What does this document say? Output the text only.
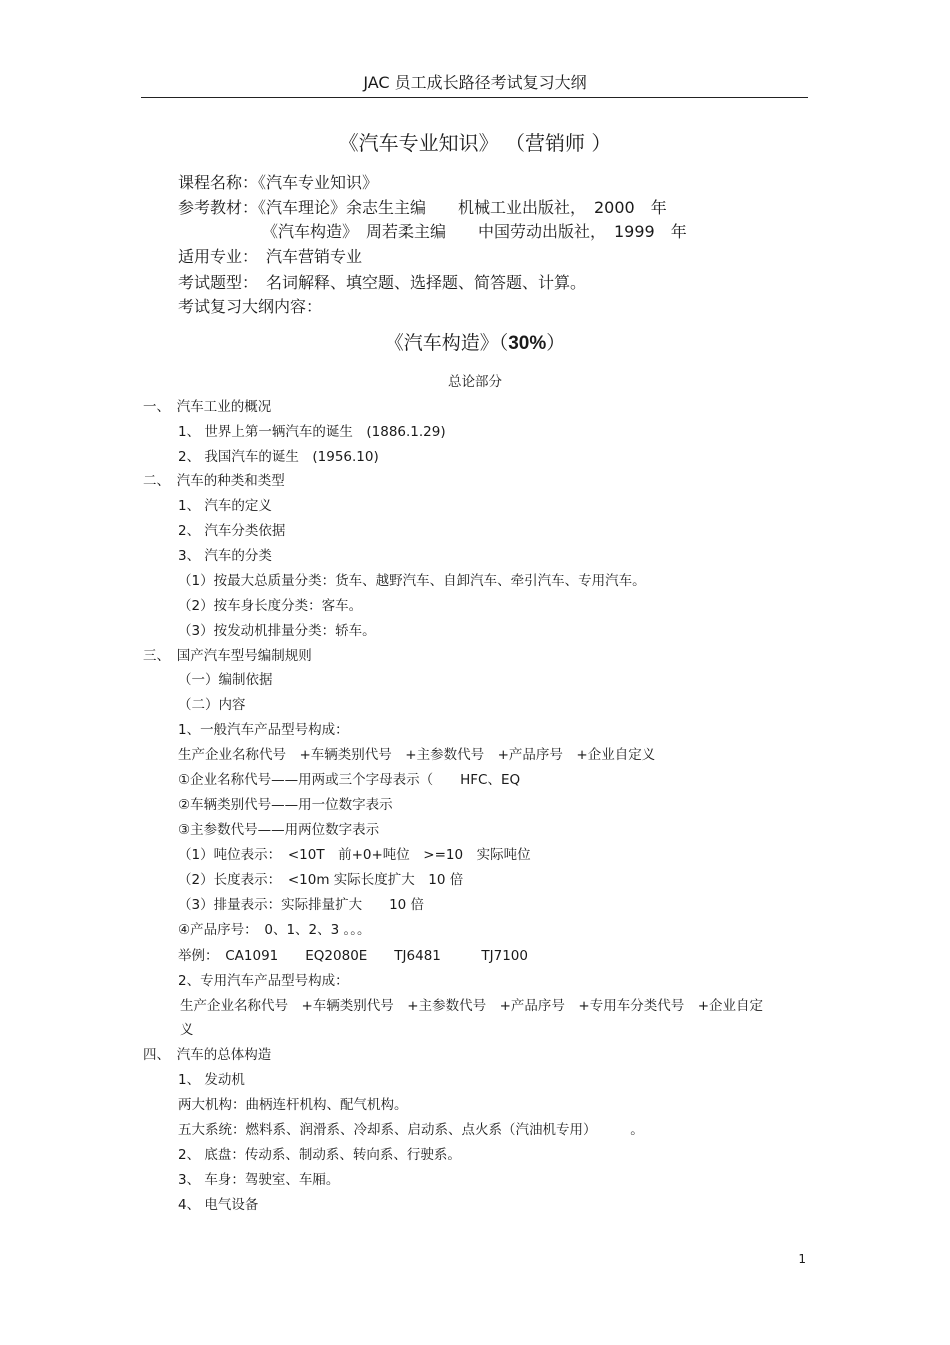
JAC 员工成长路径考试复习大纲
《汽车专业知识》 （营销师 ）
课程名称：《汽车专业知识》
参考教材：《汽车理论》余志生主编　　机械工业出版社，　2000　年
《汽车构造》　周若柔主编　　中国劳动出版社，　1999　年
适用专业：　汽车营销专业
考试题型：　名词解释、填空题、选择题、简答题、计算。
考试复习大纲内容：
《汽车构造》（30%）
总论部分
一、　汽车工业的概况
1、 世界上第一辆汽车的诞生　(1886.1.29)
2、 我国汽车的诞生　(1956.10)
二、　汽车的种类和类型
1、 汽车的定义
2、 汽车分类依据
3、 汽车的分类
（1）按最大总质量分类：货车、越野汽车、自卸汽车、牵引汽车、专用汽车。
（2）按车身长度分类：客车。
（3）按发动机排量分类：轿车。
三、　国产汽车型号编制规则
（一）编制依据
（二）内容
1、一般汽车产品型号构成：
生产企业名称代号　+车辆类别代号　+主参数代号　+产品序号　+企业自定义
①企业名称代号——用两或三个字母表示（　　HFC、EQ
②车辆类别代号——用一位数字表示
③主参数代号——用两位数字表示
（1）吨位表示：　<10T　前+0+吨位　>=10　实际吨位
（2）长度表示：　<10m 实际长度扩大　10 倍
（3）排量表示：实际排量扩大　　10 倍
④产品序号：　0、1、2、3 。。。
举例：　CA1091　　EQ2080E　　TJ6481　　　TJ7100
2、专用汽车产品型号构成：
生产企业名称代号　+车辆类别代号　+主参数代号　+产品序号　+专用车分类代号　+企业自定
义
四、　汽车的总体构造
1、 发动机
两大机构：曲柄连杆机构、配气机构。
五大系统：燃料系、润滑系、冷却系、启动系、点火系（汽油机专用）　　　。
2、 底盘：传动系、制动系、转向系、行驶系。
3、 车身：驾驶室、车厢。
4、 电气设备
1
